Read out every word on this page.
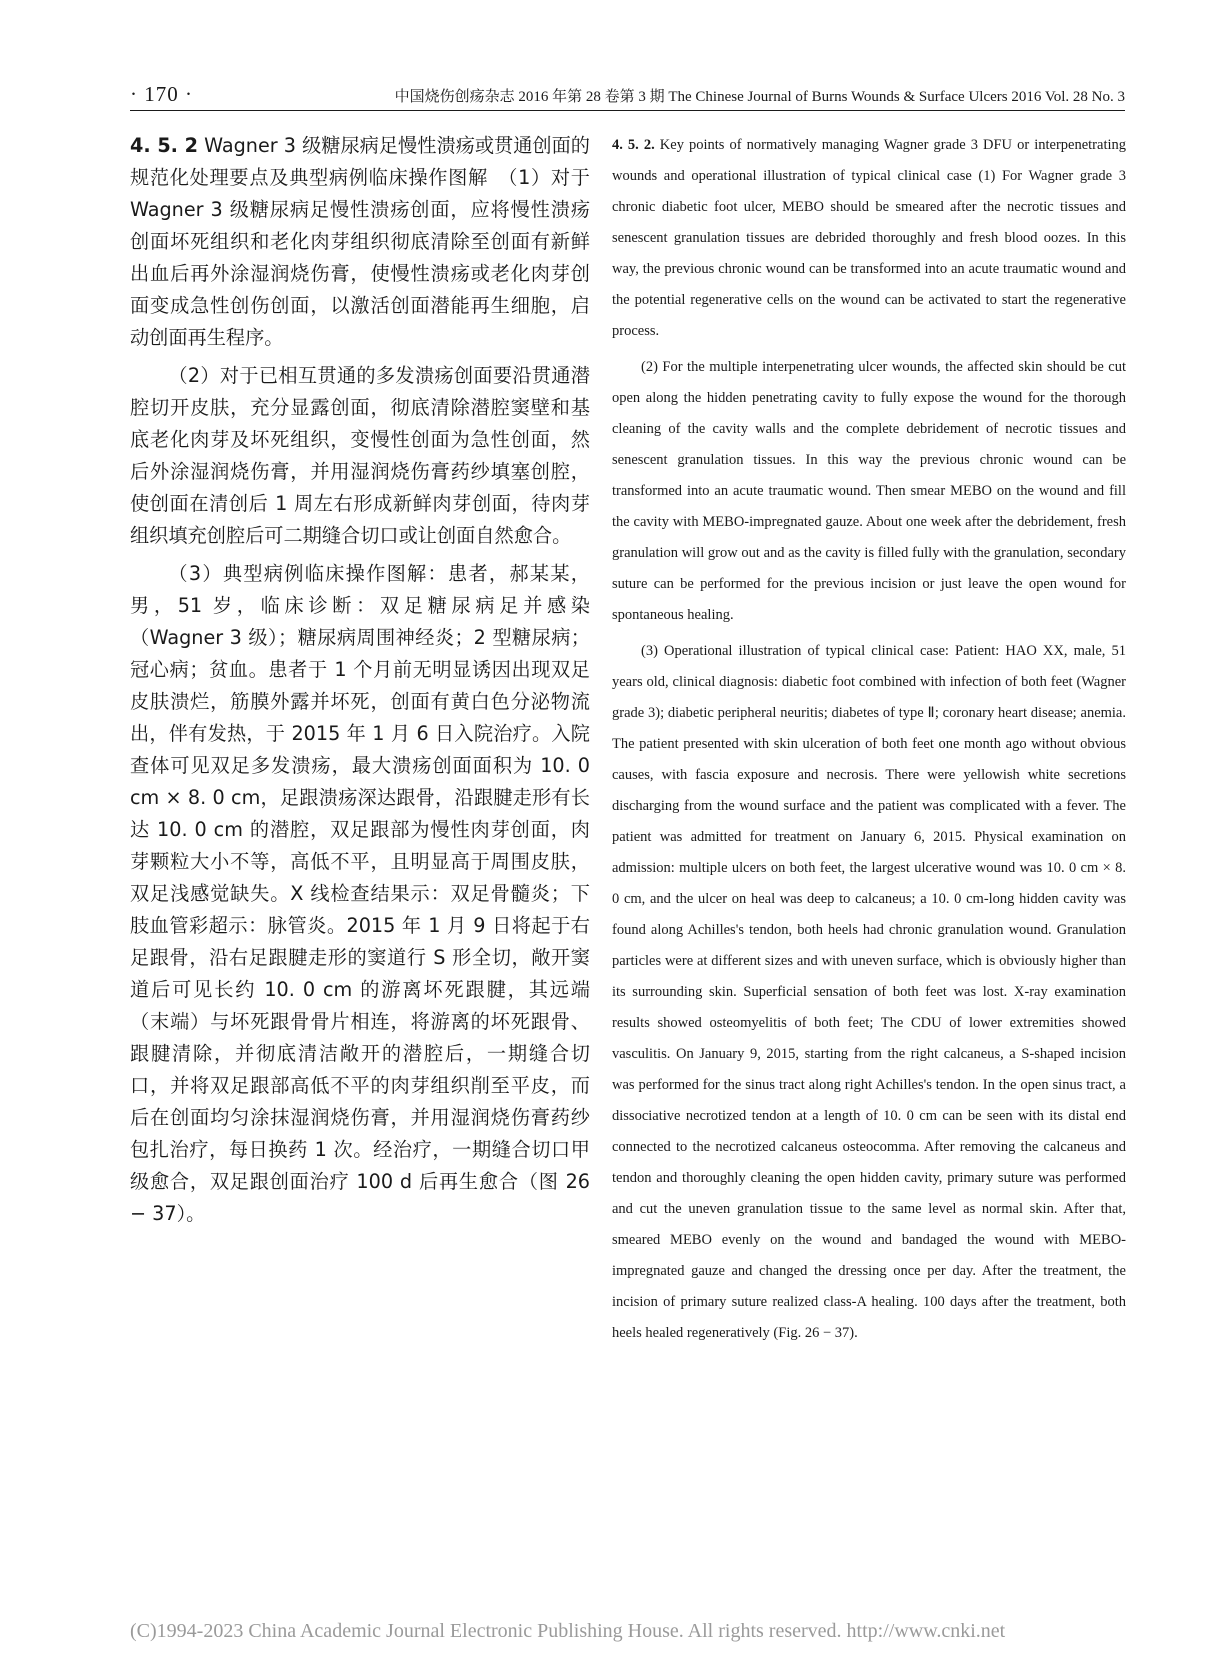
· 170 ·	中国烧伤创疡杂志 2016 年第 28 卷第 3 期 The Chinese Journal of Burns Wounds & Surface Ulcers 2016 Vol. 28 No. 3

4. 5. 2 Wagner 3 级糖尿病足慢性溃疡或贯通创面的规范化处理要点及典型病例临床操作图解　（1）对于 Wagner 3 级糖尿病足慢性溃疡创面，应将慢性溃疡创面坏死组织和老化肉芽组织彻底清除至创面有新鲜出血后再外涂湿润烧伤膏，使慢性溃疡或老化肉芽创面变成急性创伤创面，以激活创面潜能再生细胞，启动创面再生程序。

（2）对于已相互贯通的多发溃疡创面要沿贯通潜腔切开皮肤，充分显露创面，彻底清除潜腔窦壁和基底老化肉芽及坏死组织，变慢性创面为急性创面，然后外涂湿润烧伤膏，并用湿润烧伤膏药纱填塞创腔，使创面在清创后 1 周左右形成新鲜肉芽创面，待肉芽组织填充创腔后可二期缝合切口或让创面自然愈合。

（3）典型病例临床操作图解：患者，郝某某，男，51 岁，临床诊断：双足糖尿病足并感染（Wagner 3 级）；糖尿病周围神经炎；2 型糖尿病；冠心病；贫血。患者于 1 个月前无明显诱因出现双足皮肤溃烂，筋膜外露并坏死，创面有黄白色分泌物流出，伴有发热，于 2015 年 1 月 6 日入院治疗。入院查体可见双足多发溃疡，最大溃疡创面面积为 10. 0 cm × 8. 0 cm，足跟溃疡深达跟骨，沿跟腱走形有长达 10. 0 cm 的潜腔，双足跟部为慢性肉芽创面，肉芽颗粒大小不等，高低不平，且明显高于周围皮肤，双足浅感觉缺失。X 线检查结果示：双足骨髓炎；下肢血管彩超示：脉管炎。2015 年 1 月 9 日将起于右足跟骨，沿右足跟腱走形的窦道行 S 形全切，敞开窦道后可见长约 10. 0 cm 的游离坏死跟腱，其远端（末端）与坏死跟骨骨片相连，将游离的坏死跟骨、跟腱清除，并彻底清洁敞开的潜腔后，一期缝合切口，并将双足跟部高低不平的肉芽组织削至平皮，而后在创面均匀涂抹湿润烧伤膏，并用湿润烧伤膏药纱包扎治疗，每日换药 1 次。经治疗，一期缝合切口甲级愈合，双足跟创面治疗 100 d 后再生愈合（图 26 − 37）。

4. 5. 2. Key points of normatively managing Wagner grade 3 DFU or interpenetrating wounds and operational illustration of typical clinical case (1) For Wagner grade 3 chronic diabetic foot ulcer, MEBO should be smeared after the necrotic tissues and senescent granulation tissues are debrided thoroughly and fresh blood oozes. In this way, the previous chronic wound can be transformed into an acute traumatic wound and the potential regenerative cells on the wound can be activated to start the regenerative process.

(2) For the multiple interpenetrating ulcer wounds, the affected skin should be cut open along the hidden penetrating cavity to fully expose the wound for the thorough cleaning of the cavity walls and the complete debridement of necrotic tissues and senescent granulation tissues. In this way the previous chronic wound can be transformed into an acute traumatic wound. Then smear MEBO on the wound and fill the cavity with MEBO-impregnated gauze. About one week after the debridement, fresh granulation will grow out and as the cavity is filled fully with the granulation, secondary suture can be performed for the previous incision or just leave the open wound for spontaneous healing.

(3) Operational illustration of typical clinical case: Patient: HAO XX, male, 51 years old, clinical diagnosis: diabetic foot combined with infection of both feet (Wagner grade 3); diabetic peripheral neuritis; diabetes of type Ⅱ; coronary heart disease; anemia. The patient presented with skin ulceration of both feet one month ago without obvious causes, with fascia exposure and necrosis. There were yellowish white secretions discharging from the wound surface and the patient was complicated with a fever. The patient was admitted for treatment on January 6, 2015. Physical examination on admission: multiple ulcers on both feet, the largest ulcerative wound was 10. 0 cm × 8. 0 cm, and the ulcer on heal was deep to calcaneus; a 10. 0 cm-long hidden cavity was found along Achilles's tendon, both heels had chronic granulation wound. Granulation particles were at different sizes and with uneven surface, which is obviously higher than its surrounding skin. Superficial sensation of both feet was lost. X-ray examination results showed osteomyelitis of both feet; The CDU of lower extremities showed vasculitis. On January 9, 2015, starting from the right calcaneus, a S-shaped incision was performed for the sinus tract along right Achilles's tendon. In the open sinus tract, a dissociative necrotized tendon at a length of 10. 0 cm can be seen with its distal end connected to the necrotized calcaneus osteocomma. After removing the calcaneus and tendon and thoroughly cleaning the open hidden cavity, primary suture was performed and cut the uneven granulation tissue to the same level as normal skin. After that, smeared MEBO evenly on the wound and bandaged the wound with MEBO-impregnated gauze and changed the dressing once per day. After the treatment, the incision of primary suture realized class-A healing. 100 days after the treatment, both heels healed regeneratively (Fig. 26 − 37).

(C)1994-2023 China Academic Journal Electronic Publishing House. All rights reserved. http://www.cnki.net
